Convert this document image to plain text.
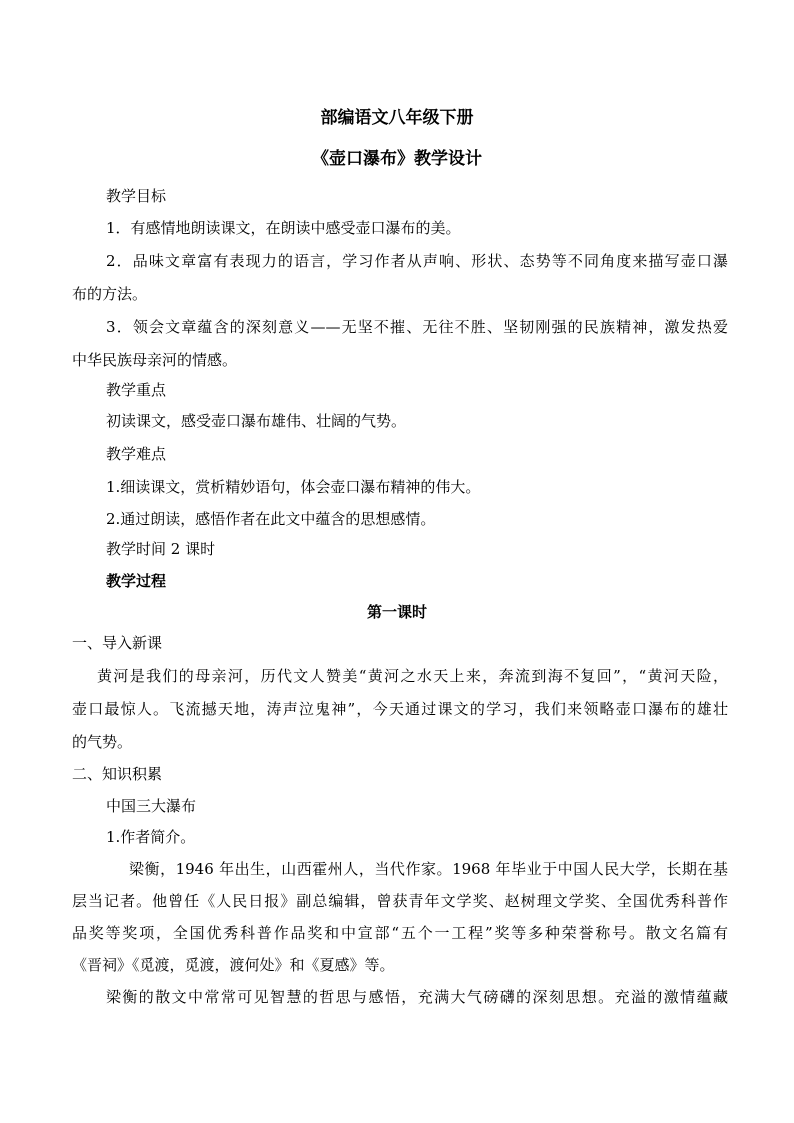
部编语文八年级下册
《壶口瀑布》教学设计
教学目标
1．有感情地朗读课文，在朗读中感受壶口瀑布的美。
2．品味文章富有表现力的语言，学习作者从声响、形状、态势等不同角度来描写壶口瀑
布的方法。
3．领会文章蕴含的深刻意义——无坚不摧、无往不胜、坚韧刚强的民族精神，激发热爱
中华民族母亲河的情感。
教学重点
初读课文，感受壶口瀑布雄伟、壮阔的气势。
教学难点
1.细读课文，赏析精妙语句，体会壶口瀑布精神的伟大。
2.通过朗读，感悟作者在此文中蕴含的思想感情。
教学时间 2 课时
教学过程
第一课时
一、导入新课
黄河是我们的母亲河，历代文人赞美“黄河之水天上来，奔流到海不复回”，“黄河天险，
壶口最惊人。飞流撼天地，涛声泣鬼神”，今天通过课文的学习，我们来领略壶口瀑布的雄壮
的气势。
二、知识积累
中国三大瀑布
1.作者简介。
梁衡，1946 年出生，山西霍州人，当代作家。1968 年毕业于中国人民大学，长期在基
层当记者。他曾任《人民日报》副总编辑，曾获青年文学奖、赵树理文学奖、全国优秀科普作
品奖等奖项，全国优秀科普作品奖和中宣部“五个一工程”奖等多种荣誉称号。散文名篇有
《晋祠》《觅渡，觅渡，渡何处》和《夏感》等。
梁衡的散文中常常可见智慧的哲思与感悟，充满大气磅礴的深刻思想。充溢的激情蕴藏
